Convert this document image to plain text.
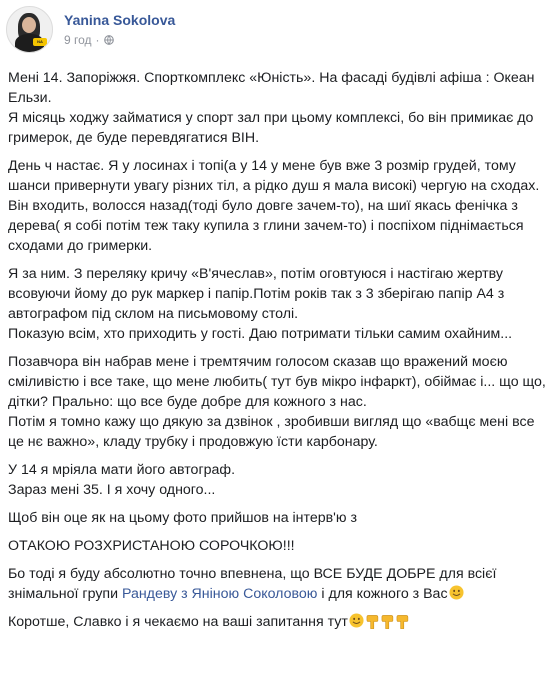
NA MAX
Yanina Sokolova
9 год ·

Мені 14. Запоріжжя. Спорткомплекс «Юність». На фасаді будівлі афіша : Океан Ельзи.
Я місяць ходжу займатися у спорт зал при цьому комплексі, бо він примикає до гримерок, де буде перевдягатися ВІН.

День ч настає. Я у лосинах і топі(а у 14 у мене був вже 3 розмір грудей, тому шанси привернути увагу різних тіл, а рідко душ я мала високі) чергую на сходах.
Він входить, волосся назад(тоді було довге зачем-то), на шиї якась фенічка з дерева( я собі потім теж таку купила з глини зачем-то) і поспіхом піднімається сходами до гримерки.

Я за ним. З переляку кричу «В'ячеслав», потім оговтуюся і настігаю жертву всовуючи йому до рук маркер і папір.Потім років так з 3 зберігаю папір А4 з автографом під склом на письмовому столі.
Показую всім, хто приходить у гості. Даю потримати тільки самим охайним...

Позавчора він набрав мене і тремтячим голосом сказав що вражений моєю сміливістю і все таке, що мене любить( тут був мікро інфаркт), обіймає і... що що, дітки? Прально: що все буде добре для кожного з нас.
Потім я томно кажу що дякую за дзвінок , зробивши вигляд що «вабщє мені все це нє важно», кладу трубку і продовжую їсти карбонару.

У 14 я мріяла мати його автограф.
Зараз мені 35. І я хочу одного...

Щоб він оце як на цьому фото прийшов на інтерв'ю з

ОТАКОЮ РОЗХРИСТАНОЮ СОРОЧКОЮ!!!

Бо тоді я буду абсолютно точно впевнена, що ВСЕ БУДЕ ДОБРЕ для всієї знімальної групи Рандеву з Яніною Соколовою і для кожного з Вас

Коротше, Славко і я чекаємо на ваші запитання тут
